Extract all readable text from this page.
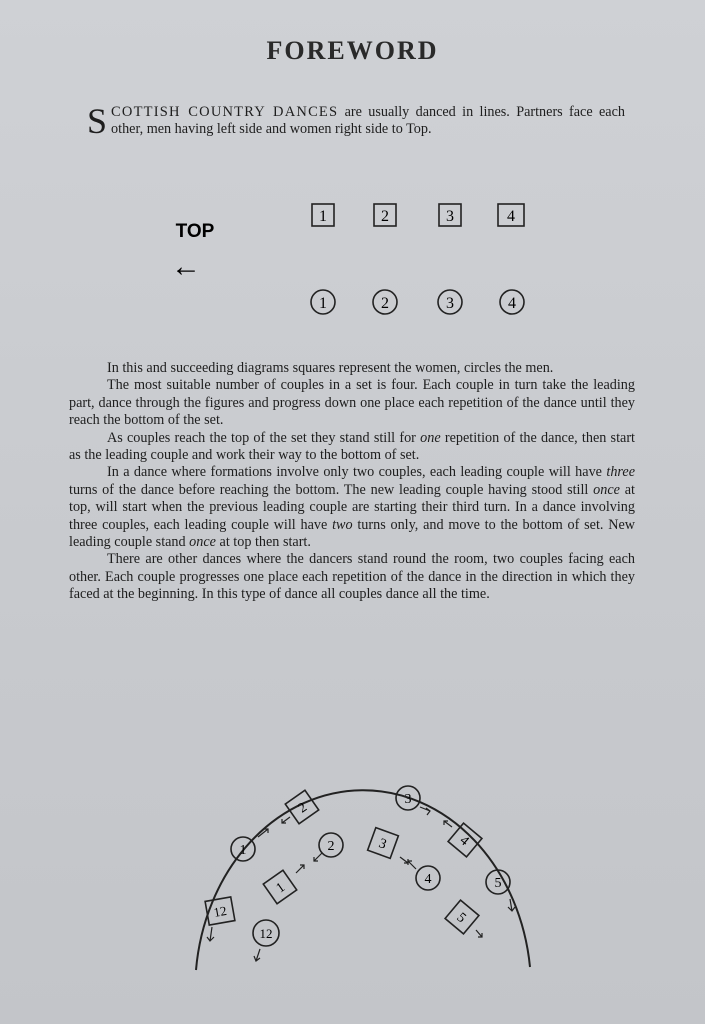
FOREWORD
SCOTTISH COUNTRY DANCES are usually danced in lines. Partners face each other, men having left side and women right side to Top.
TOP
←
1	2	3	4
1	2	3	4

In this and succeeding diagrams squares represent the women, circles the men.

The most suitable number of couples in a set is four. Each couple in turn take the leading part, dance through the figures and progress down one place each repetition of the dance until they reach the bottom of the set.

As couples reach the top of the set they stand still for one repetition of the dance, then start as the leading couple and work their way to the bottom of set.

In a dance where formations involve only two couples, each leading couple will have three turns of the dance before reaching the bottom. The new leading couple having stood still once at top, will start when the previous leading couple are starting their third turn. In a dance involving three couples, each leading couple will have two turns only, and move to the bottom of set. New leading couple stand once at top then start.

There are other dances where the dancers stand round the room, two couples facing each other. Each couple progresses one place each repetition of the dance in the direction in which they faced at the beginning. In this type of dance all couples dance all the time.

2
1
3	4
5
12
1	2
3
4	5
12
